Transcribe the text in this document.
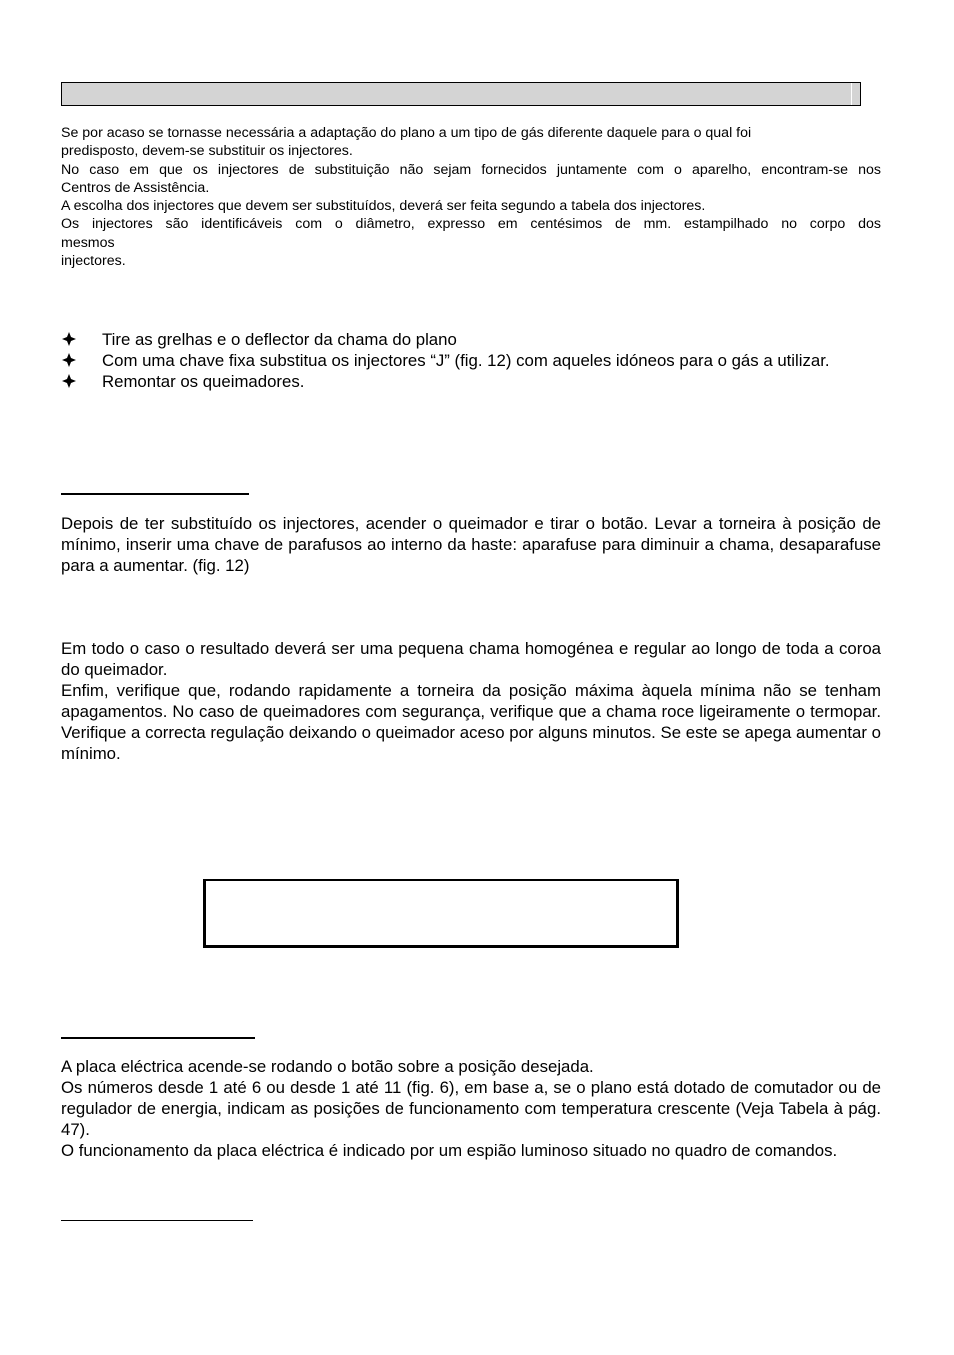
Se por acaso se tornasse necessária a adaptação do plano a um tipo de gás diferente daquele para o qual foi
predisposto, devem-se substituir os injectores.
No caso em que os injectores de substituição não sejam fornecidos juntamente com o aparelho, encontram-se nos
Centros de Assistência.
A escolha dos injectores que devem ser substituídos, deverá ser feita segundo a tabela dos injectores.
Os injectores são identificáveis com o diâmetro, expresso em centésimos de mm. estampilhado no corpo dos
mesmos
injectores.
Tire as grelhas e o deflector da chama do plano
Com uma chave fixa substitua os injectores “J” (fig. 12) com aqueles idóneos para o gás a utilizar.
Remontar os queimadores.
Depois de ter substituído os injectores, acender o queimador e tirar o botão. Levar a torneira à posição de mínimo, inserir uma chave de parafusos ao interno da haste: aparafuse para diminuir a chama, desaparafuse para a aumentar. (fig. 12)
Em todo o caso o resultado deverá ser uma pequena chama homogénea e regular ao longo de toda a coroa do queimador.
Enfim, verifique que, rodando rapidamente a torneira da posição máxima àquela mínima não se tenham apagamentos. No caso de queimadores com segurança, verifique que a chama roce ligeiramente o termopar. Verifique a correcta regulação deixando o queimador aceso por alguns minutos. Se este se apega aumentar o mínimo.
A placa eléctrica acende-se rodando o botão sobre a posição desejada.
Os números desde 1 até 6 ou desde 1 até 11 (fig. 6), em base a, se o plano está dotado de comutador ou de regulador de energia, indicam as posições de funcionamento com temperatura crescente (Veja Tabela à pág. 47).
O funcionamento da placa eléctrica é indicado por um espião luminoso situado no quadro de comandos.
